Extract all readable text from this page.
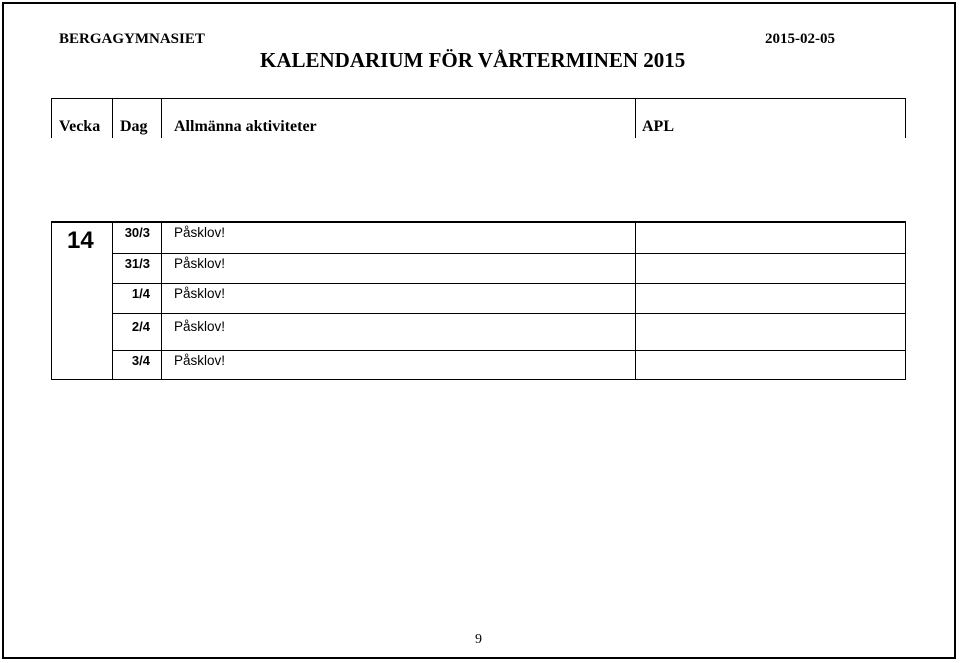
BERGAGYMNASIET	2015-02-05
KALENDARIUM FÖR VÅRTERMINEN 2015
Vecka Dag Allmänna aktiviteter	APL
14 30/3 Påsklov!
31/3 Påsklov!
1/4 Påsklov!
2/4 Påsklov!
3/4 Påsklov!
9
